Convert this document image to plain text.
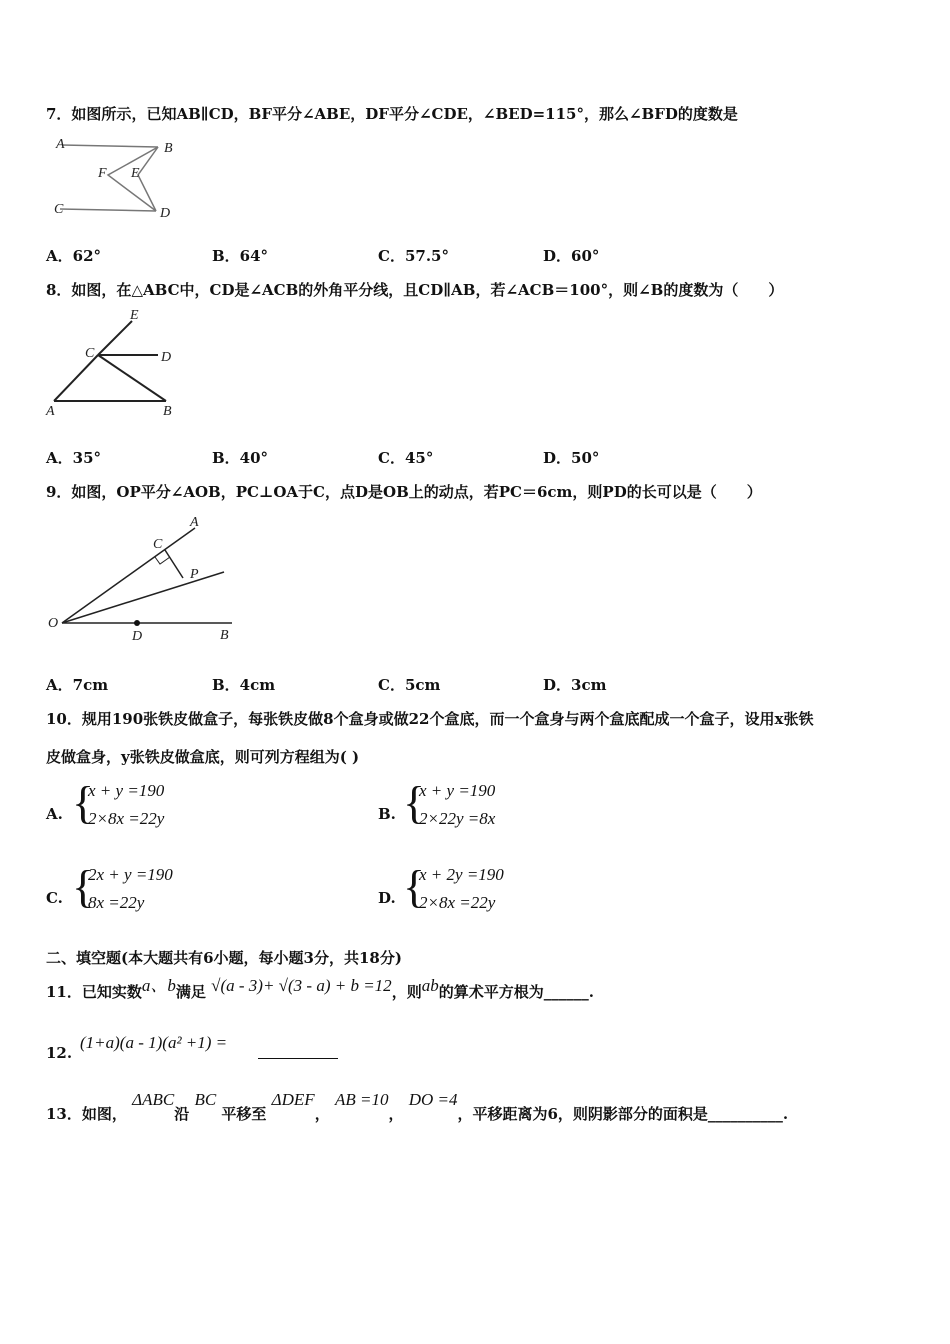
7．如图所示，已知AB∥CD，BF平分∠ABE，DF平分∠CDE，∠BED=115°，那么∠BFD的度数是
A	B
C	D
E
F
A．62°	B．64°	C．57.5°	D．60°
8．如图，在△ABC中，CD是∠ACB的外角平分线，且CD∥AB，若∠ACB＝100°，则∠B的度数为（　　）
E
C	D
A	B
A．35°	B．40°	C．45°	D．50°
9．如图，OP平分∠AOB，PC⊥OA于C，点D是OB上的动点，若PC＝6cm，则PD的长可以是（　　）
A
C
P
O
D	B
A．7cm	B．4cm	C．5cm	D．3cm
10．规用190张铁皮做盒子，每张铁皮做8个盒身或做22个盒底，而一个盒身与两个盒底配成一个盒子，设用x张铁
皮做盒身，y张铁皮做盒底，则可列方程组为( )
A. {
x + y =190
2×8x =22y	B. {
x + y =190
2×22y =8x
C. {
2x + y =190
8x =22y	D. {
x + 2y =190
2×8x =22y
二、填空题(本大题共有6小题，每小题3分，共18分)
11．已知实数a、b满足 √(a - 3)+ √(3 - a) + b =12，则ab的算术平方根为______.
12.
(1+a)(a - 1)(a² +1) =
13．如图， ΔABC沿 BC 平移至 ΔDEF， AB =10， DO =4，平移距离为6，则阴影部分的面积是__________.
